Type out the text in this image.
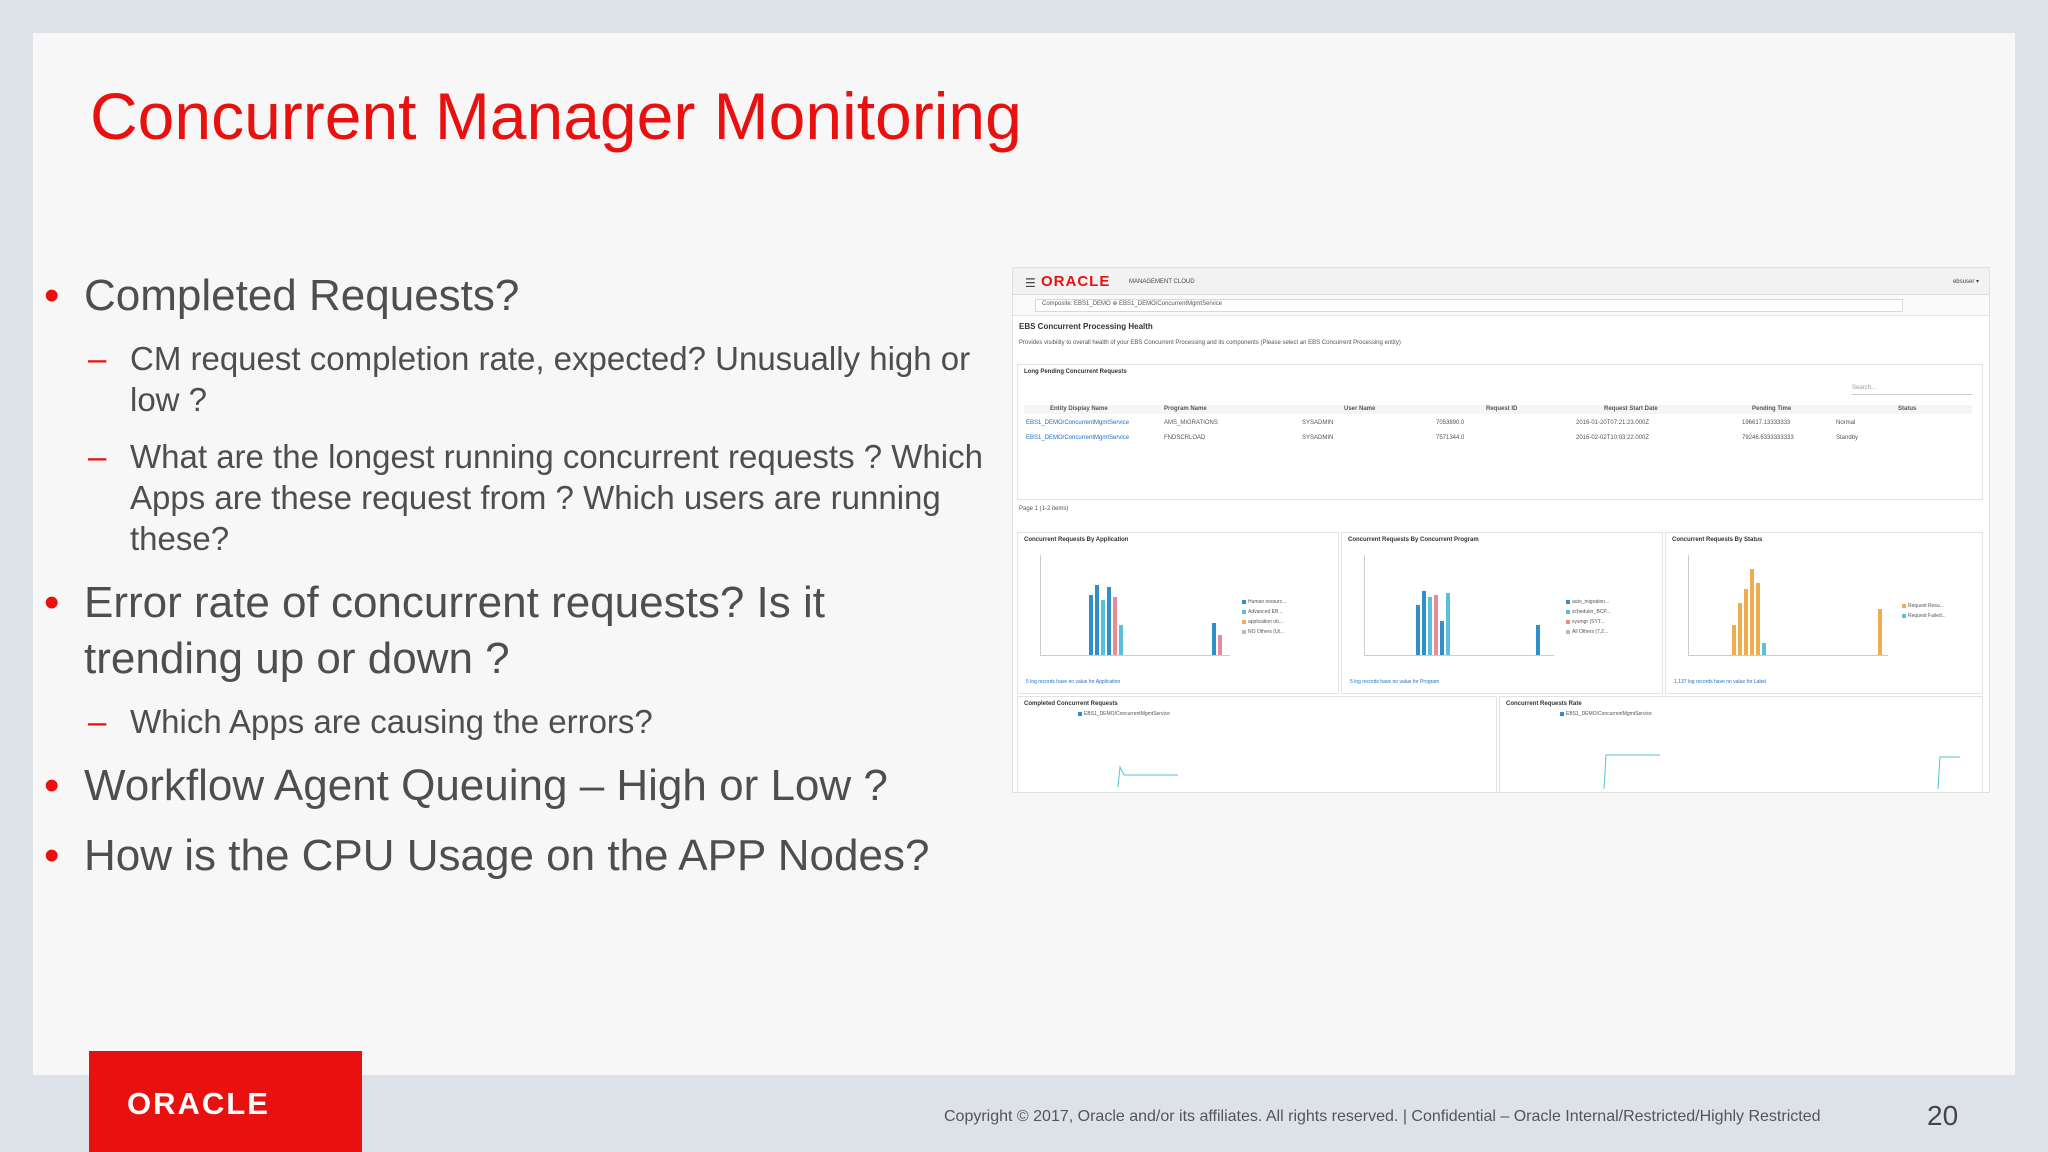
Concurrent Manager Monitoring
• Completed Requests?
– CM request completion rate, expected? Unusually high or low ?
– What are the longest running concurrent requests ? Which Apps are these request from ? Which users are running these?
• Error rate of concurrent requests? Is it trending up or down ?
– Which Apps are causing the errors?
• Workflow Agent Queuing – High or Low ?
• How is the CPU Usage on the APP Nodes?
☰ ORACLE	MANAGEMENT CLOUD	ebsuser ▾
Composite: EBS1_DEMO ⊕ EBS1_DEMO/ConcurrentMgmtService
EBS Concurrent Processing Health
Provides visibility to overall health of your EBS Concurrent Processing and its components (Please select an EBS Concurrent Processing entity)
Long Pending Concurrent Requests
Search...
Entity Display Name	Program Name	User Name	Request ID	Request Start Date	Pending Time	Status
EBS1_DEMO/ConcurrentMgmtService	AMS_MIGRATIONS	SYSADMIN	7053890.0	2016-01-20T07:21:23.000Z	196617.13333333	Normal
EBS1_DEMO/ConcurrentMgmtService	FNDSCRLOAD	SYSADMIN	7571344.0	2016-02-02T10:03:22.000Z	79246.6333333333	Standby
Page 1 (1-2 items)
Concurrent Requests By Application
Human resourc...
Advanced EB...
application ob...
NO Others (Ut...
5 log records have no value for Application
Concurrent Requests By Concurrent Program
auto_migration...
scheduler_BCP...
sysmgr (SYT...
All Others (7,2...
5 log records have no value for Program
Concurrent Requests By Status
Request Resu...
Request Failed...
1,137 log records have no value for Label
Completed Concurrent Requests
EBS1_DEMO/ConcurrentMgmtService
Concurrent Requests Rate
EBS1_DEMO/ConcurrentMgmtService
ORACLE	Copyright © 2017, Oracle and/or its affiliates. All rights reserved. | Confidential – Oracle Internal/Restricted/Highly Restricted	20
